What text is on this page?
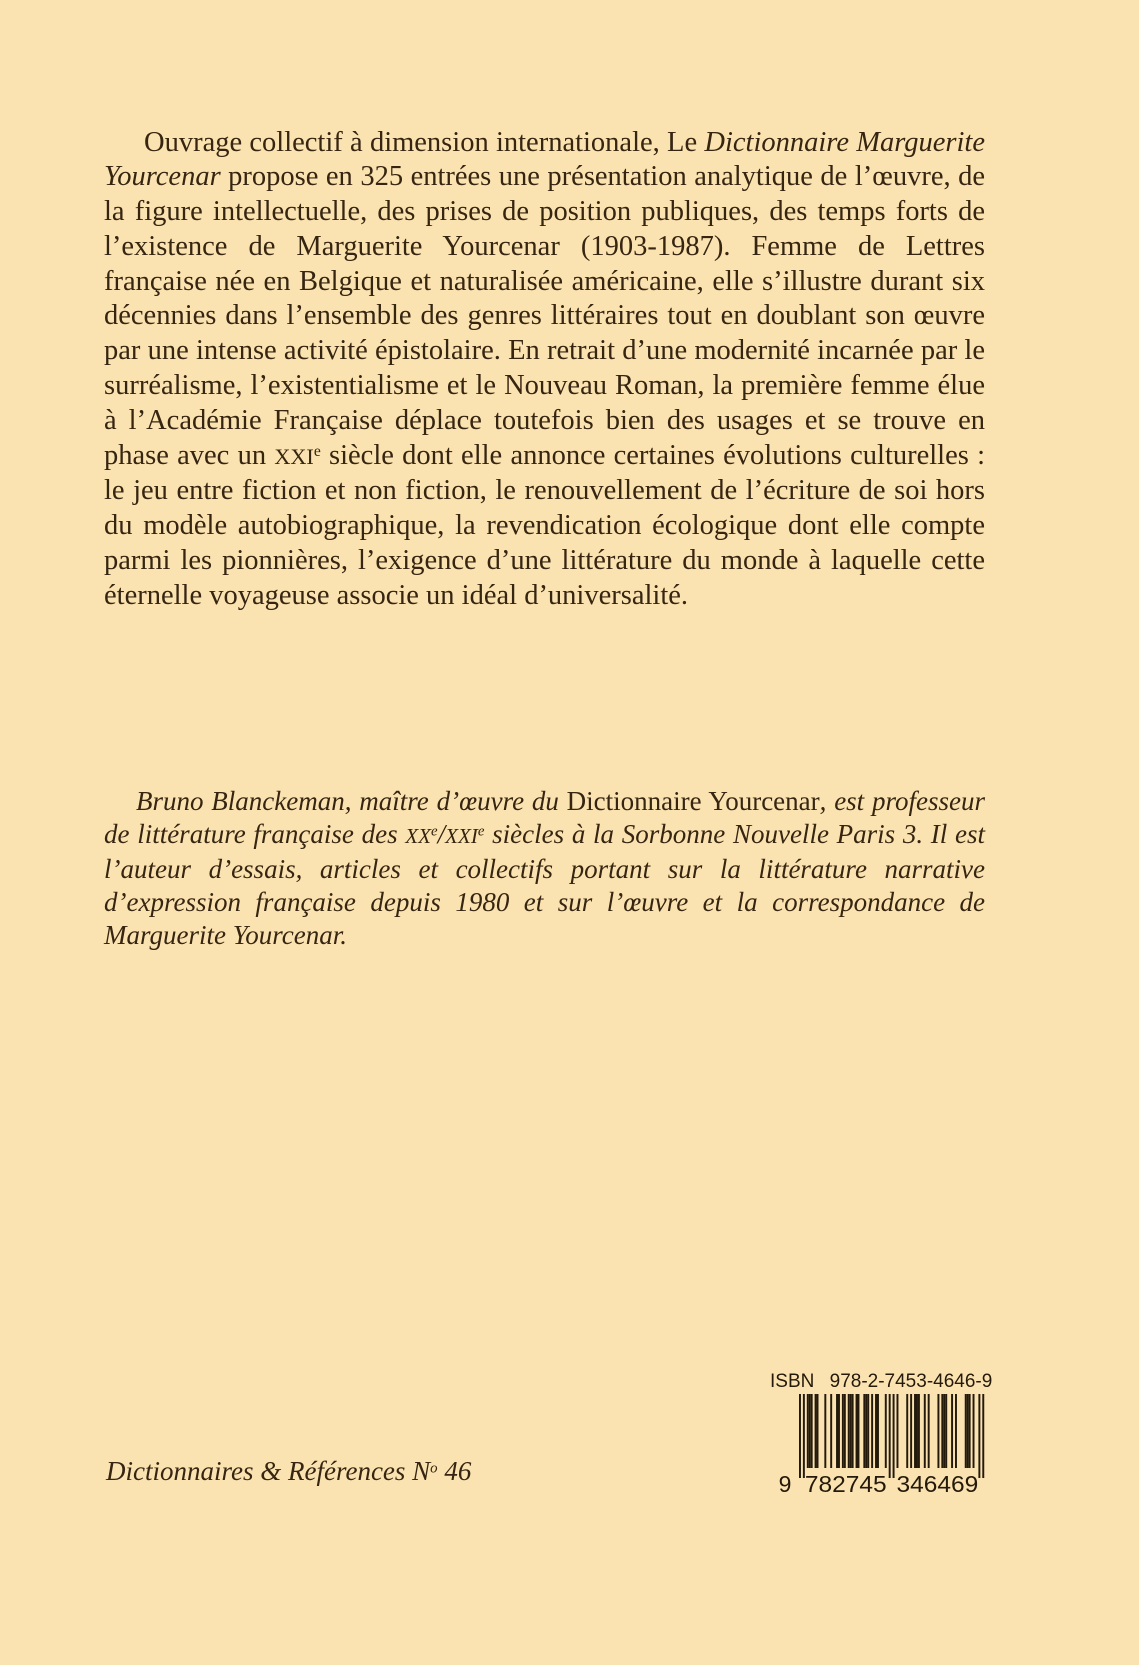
Ouvrage collectif à dimension internationale, Le Dictionnaire Marguerite Yourcenar propose en 325 entrées une présentation analytique de l’œuvre, de la figure intellectuelle, des prises de position publiques, des temps forts de l’existence de Marguerite Yourcenar (1903-1987). Femme de Lettres française née en Belgique et naturalisée américaine, elle s’illustre durant six décennies dans l’ensemble des genres littéraires tout en doublant son œuvre par une intense activité épistolaire. En retrait d’une modernité incarnée par le surréalisme, l’existentialisme et le Nouveau Roman, la première femme élue à l’Académie Française déplace toutefois bien des usages et se trouve en phase avec un XXIe siècle dont elle annonce certaines évolutions culturelles : le jeu entre fiction et non fiction, le renouvellement de l’écriture de soi hors du modèle autobiographique, la revendication écologique dont elle compte parmi les pionnières, l’exigence d’une littérature du monde à laquelle cette éternelle voyageuse associe un idéal d’universalité.

Bruno Blanckeman, maître d’œuvre du Dictionnaire Yourcenar, est professeur de littérature française des XXe/XXIe siècles à la Sorbonne Nouvelle Paris 3. Il est l’auteur d’essais, articles et collectifs portant sur la littérature narrative d’expression française depuis 1980 et sur l’œuvre et la correspondance de Marguerite Yourcenar.

Dictionnaires & Références $N^o$ 46
ISBN 978-2-7453-4646-9
9 782745 346469
